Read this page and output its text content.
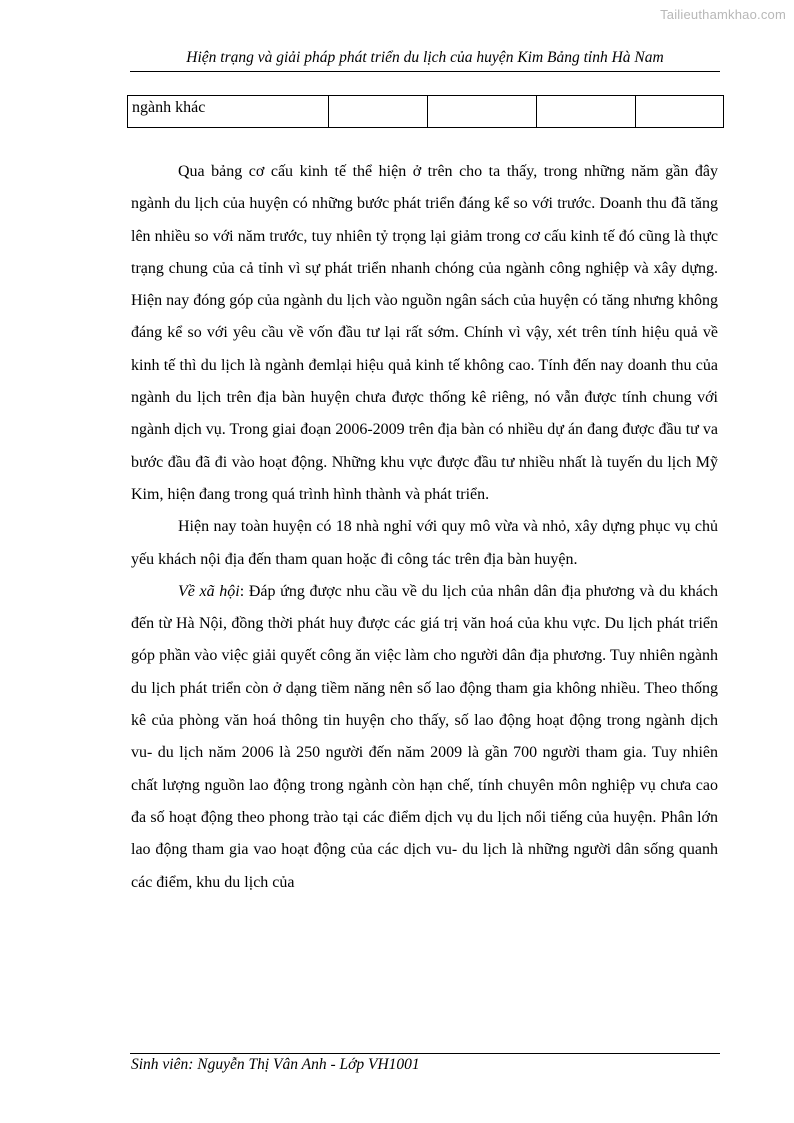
Tailieuthamkhao.com
Hiện trạng và giải pháp phát triển du lịch của huyện Kim Bảng tỉnh Hà Nam
ngành khác				

Qua bảng cơ cấu kinh tế thể hiện ở trên cho ta thấy, trong những năm gần đây ngành du lịch của huyện có những bước phát triển đáng kể so với trước. Doanh thu đã tăng lên nhiều so với năm trước, tuy nhiên tỷ trọng lại giảm trong cơ cấu kinh tế đó cũng là thực trạng chung của cả tỉnh vì sự phát triển nhanh chóng của ngành công nghiệp và xây dựng. Hiện nay đóng góp của ngành du lịch vào nguồn ngân sách của huyện có tăng nhưng không đáng kể so với yêu cầu về vốn đầu tư lại rất sớm. Chính vì vậy, xét trên tính hiệu quả về kinh tế thì du lịch là ngành đemlại hiệu quả kinh tế không cao. Tính đến nay doanh thu của ngành du lịch trên địa bàn huyện chưa được thống kê riêng, nó vẫn được tính chung với ngành dịch vụ. Trong giai đoạn 2006-2009 trên địa bàn có nhiều dự án đang được đầu tư va bước đầu đã đi vào hoạt động. Những khu vực được đầu tư nhiều nhất là tuyến du lịch Mỹ Kim, hiện đang trong quá trình hình thành và phát triển.

Hiện nay toàn huyện có 18 nhà nghỉ với quy mô vừa và nhỏ, xây dựng phục vụ chủ yếu khách nội địa đến tham quan hoặc đi công tác trên địa bàn huyện.

Về xã hội: Đáp ứng được nhu cầu về du lịch của nhân dân địa phương và du khách đến từ Hà Nội, đồng thời phát huy được các giá trị văn hoá của khu vực. Du lịch phát triển góp phần vào việc giải quyết công ăn việc làm cho người dân địa phương. Tuy nhiên ngành du lịch phát triển còn ở dạng tiềm năng nên số lao động tham gia không nhiều. Theo thống kê của phòng văn hoá thông tin huyện cho thấy, số lao động hoạt động trong ngành dịch vu- du lịch năm 2006 là 250 người đến năm 2009 là gần 700 người tham gia. Tuy nhiên chất lượng nguồn lao động trong ngành còn hạn chế, tính chuyên môn nghiệp vụ chưa cao đa số hoạt động theo phong trào tại các điểm dịch vụ du lịch nổi tiếng của huyện. Phân lớn lao động tham gia vao hoạt động của các dịch vu- du lịch là những người dân sống quanh các điểm, khu du lịch của

Sinh viên: Nguyễn Thị Vân Anh - Lớp VH1001
